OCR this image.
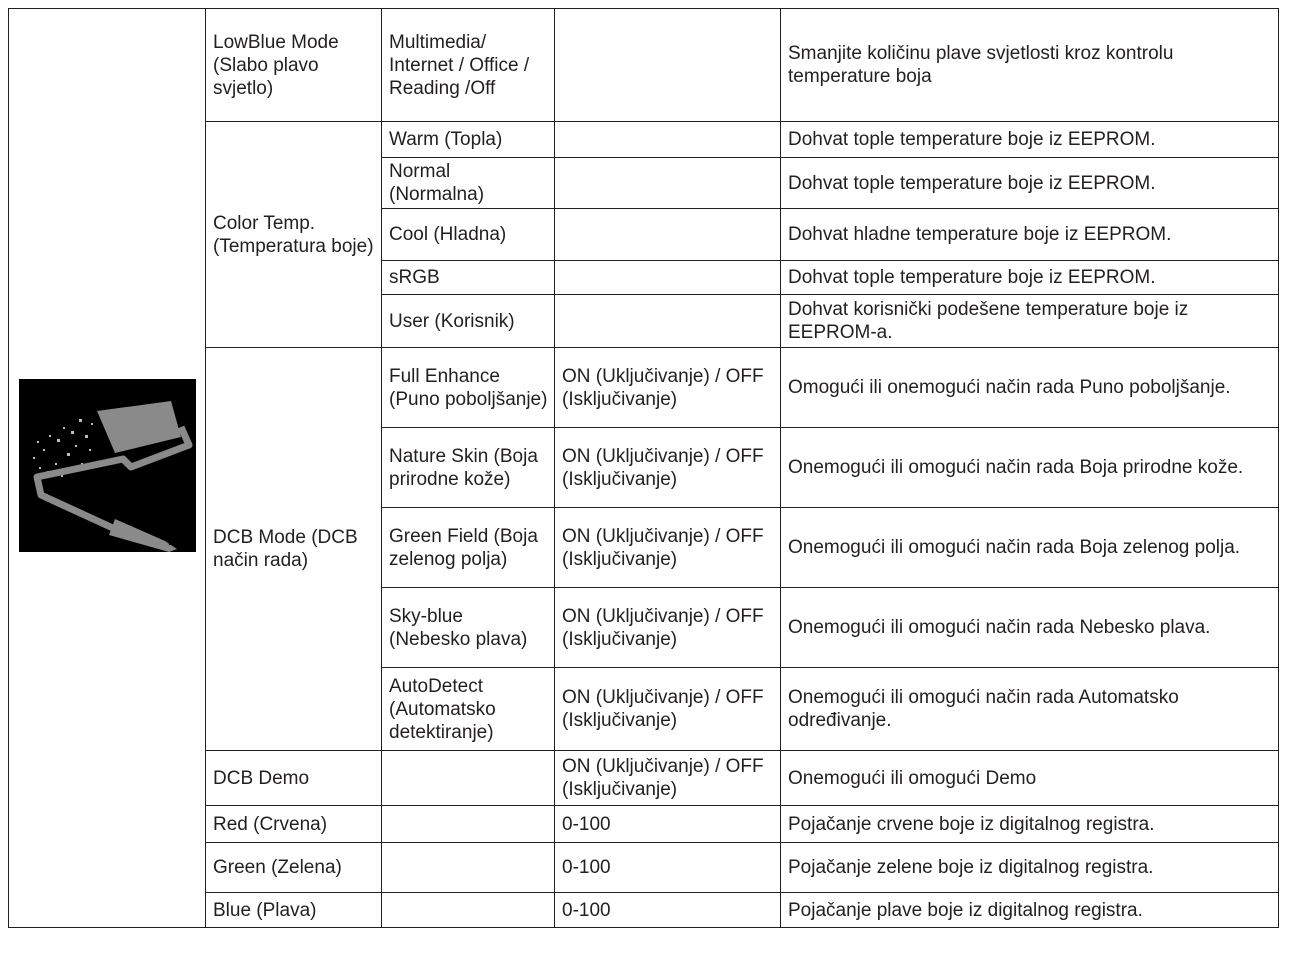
	LowBlue Mode (Slabo plavo svjetlo)	Multimedia/ Internet / Office / Reading /Off		Smanjite količinu plave svjetlosti kroz kontrolu temperature boja
	Color Temp. (Temperatura boje)	Warm (Topla)		Dohvat tople temperature boje iz EEPROM.
		Normal (Normalna)		Dohvat tople temperature boje iz EEPROM.
		Cool (Hladna)		Dohvat hladne temperature boje iz EEPROM.
		sRGB		Dohvat tople temperature boje iz EEPROM.
		User (Korisnik)		Dohvat korisnički podešene temperature boje iz EEPROM-a.
	DCB Mode (DCB način rada)	Full Enhance (Puno poboljšanje)	ON (Uključivanje) / OFF (Isključivanje)	Omogući ili onemogući način rada Puno poboljšanje.
		Nature Skin (Boja prirodne kože)	ON (Uključivanje) / OFF (Isključivanje)	Onemogući ili omogući način rada Boja prirodne kože.
		Green Field (Boja zelenog polja)	ON (Uključivanje) / OFF (Isključivanje)	Onemogući ili omogući način rada Boja zelenog polja.
		Sky-blue (Nebesko plava)	ON (Uključivanje) / OFF (Isključivanje)	Onemogući ili omogući način rada Nebesko plava.
		AutoDetect (Automatsko detektiranje)	ON (Uključivanje) / OFF (Isključivanje)	Onemogući ili omogući način rada Automatsko određivanje.
	DCB Demo		ON (Uključivanje) / OFF (Isključivanje)	Onemogući ili omogući Demo
	Red (Crvena)		0-100	Pojačanje crvene boje iz digitalnog registra.
	Green (Zelena)		0-100	Pojačanje zelene boje iz digitalnog registra.
	Blue (Plava)		0-100	Pojačanje plave boje iz digitalnog registra.
